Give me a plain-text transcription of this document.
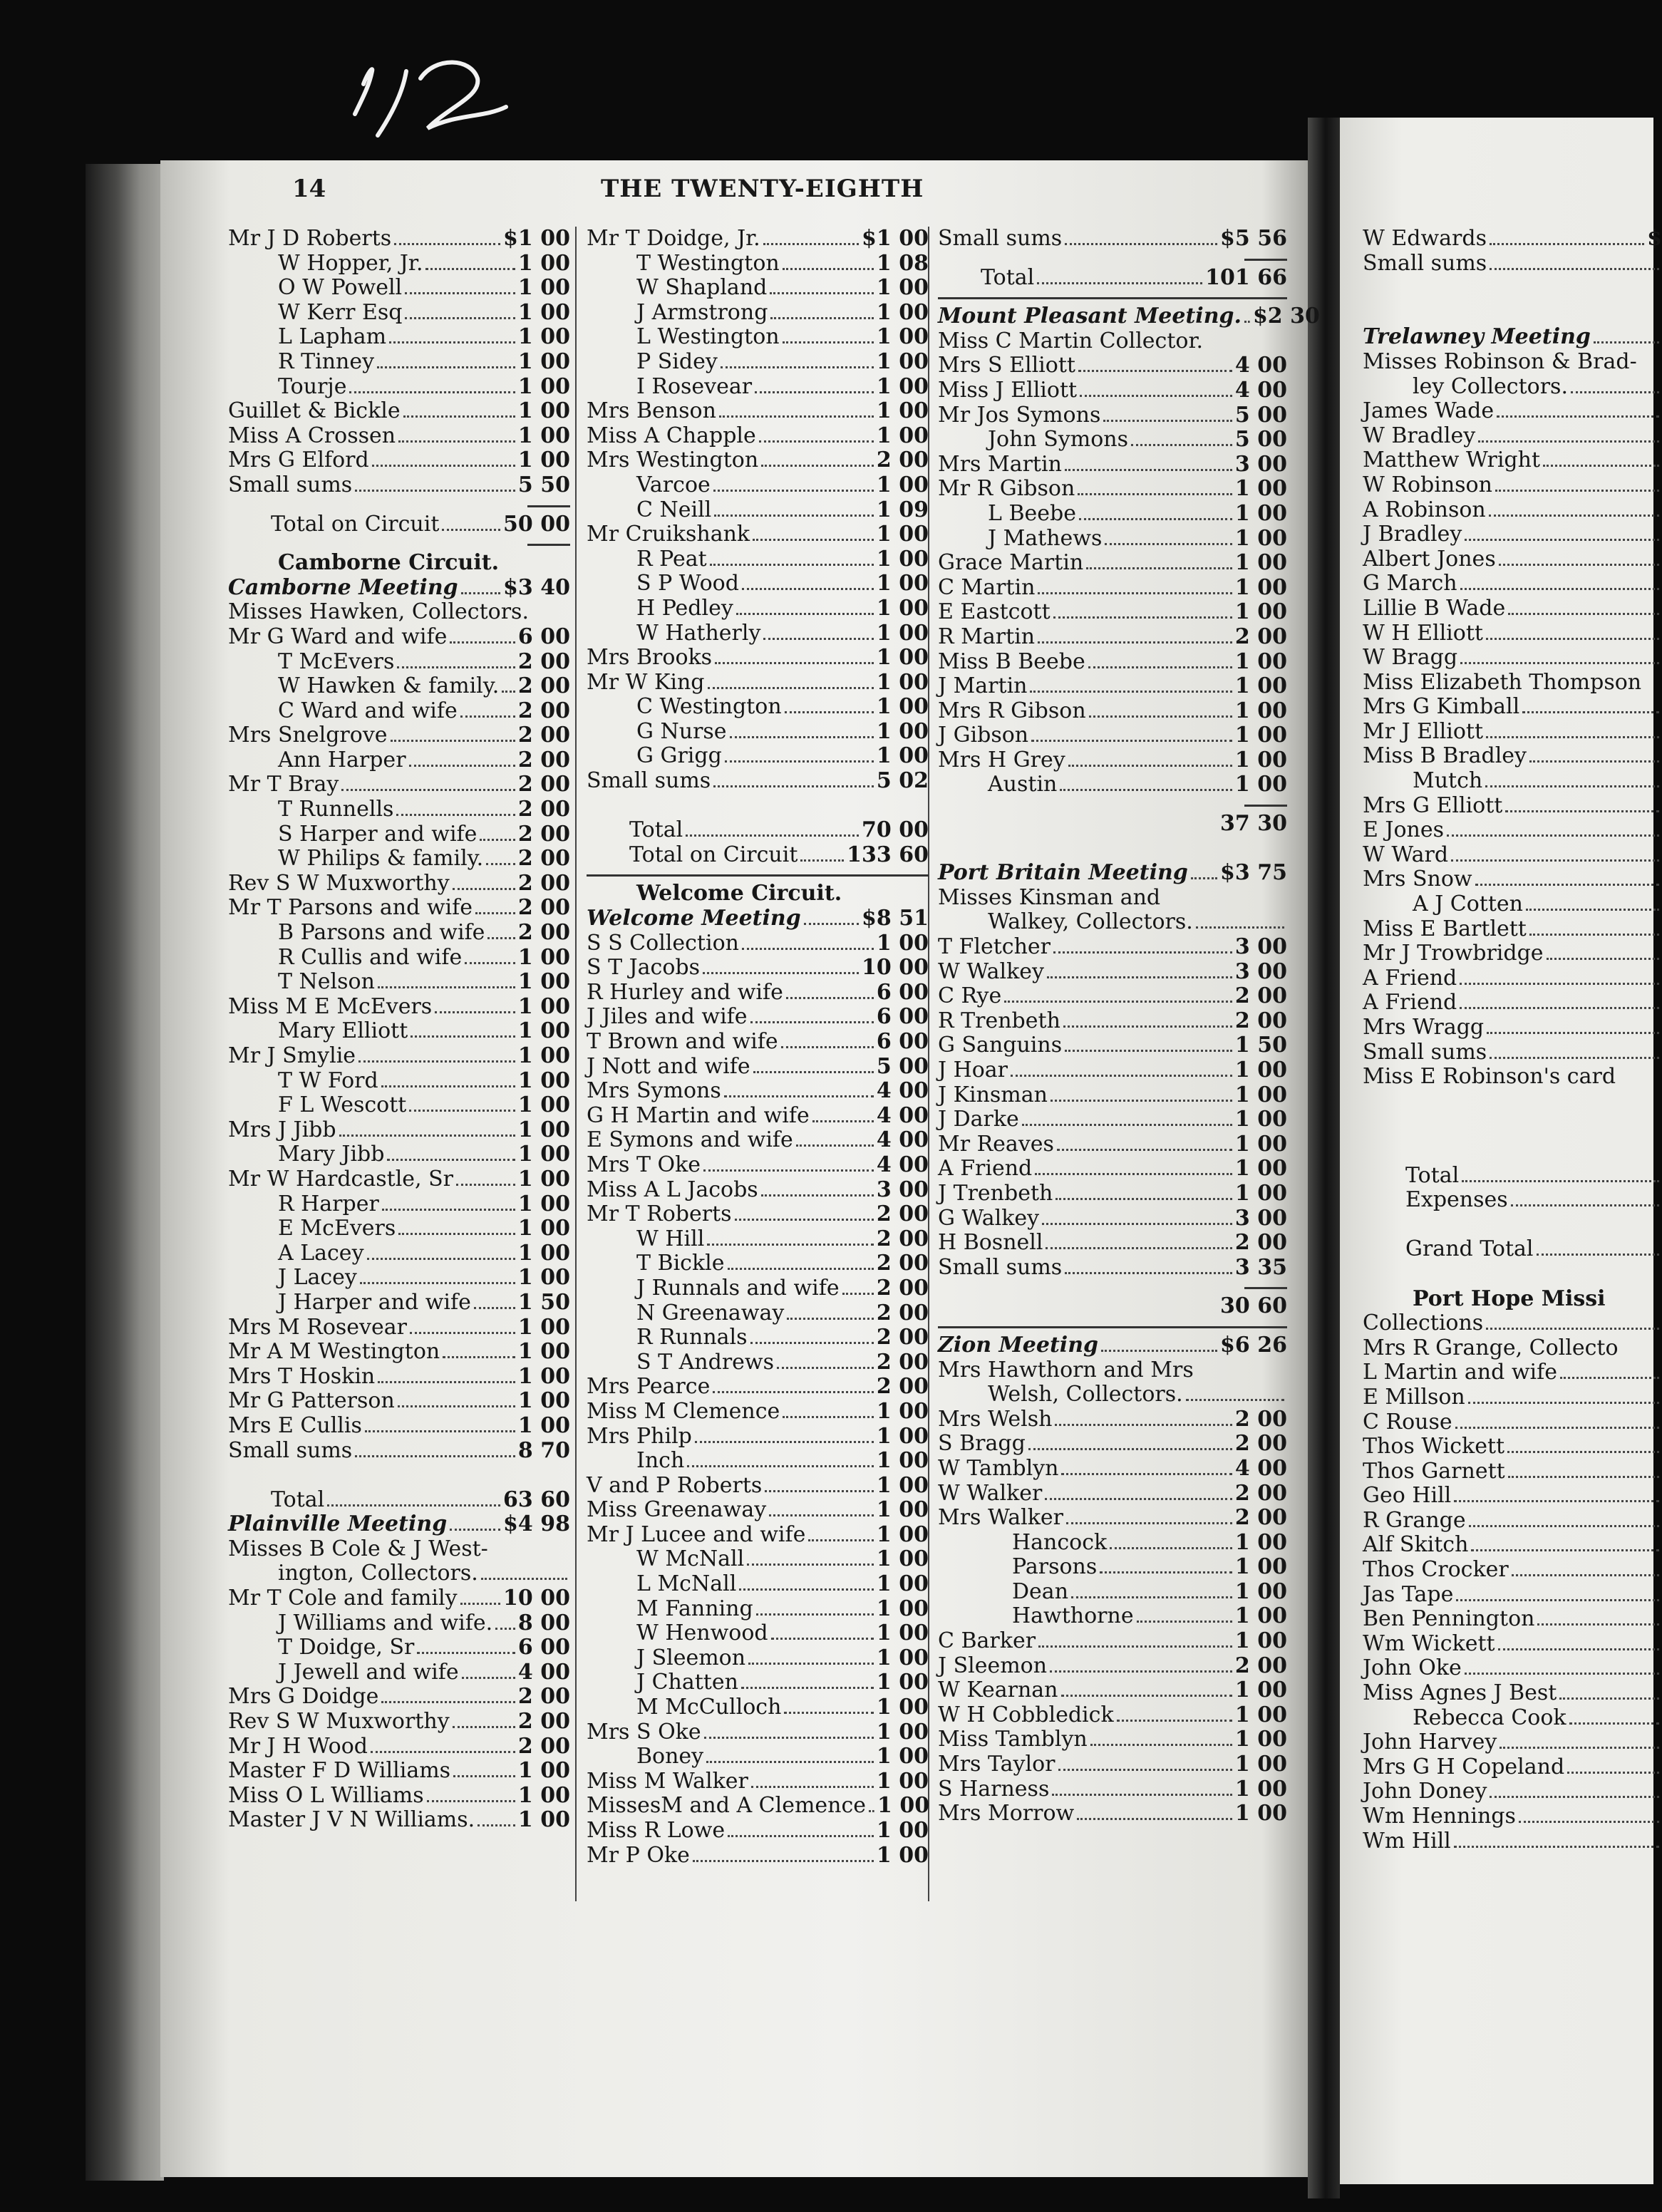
14	THE TWENTY-EIGHTH
Mr J D Roberts	$1 00
W Hopper, Jr.	1 00
O W Powell	1 00
W Kerr Esq	1 00
L Lapham	1 00
R Tinney	1 00
Tourje	1 00
Guillet & Bickle	1 00
Miss A Crossen	1 00
Mrs G Elford	1 00
Small sums	5 50
Total on Circuit	50 00
Camborne Circuit.
Camborne Meeting $3 40
Misses Hawken, Collectors.
Mr G Ward and wife	6 00
T McEvers	2 00
W Hawken & family. 2 00
C Ward and wife	2 00
Mrs Snelgrove	2 00
Ann Harper	2 00
Mr T Bray	2 00
T Runnells	2 00
S Harper and wife 2 00
W Philips & family. 2 00
Rev S W Muxworthy	2 00
Mr T Parsons and wife 2 00
B Parsons and wife 2 00
R Cullis and wife	1 00
T Nelson	1 00
Miss M E McEvers	1 00
Mary Elliott	1 00
Mr J Smylie	1 00
T W Ford	1 00
F L Wescott	1 00
Mrs J Jibb	1 00
Mary Jibb	1 00
Mr W Hardcastle, Sr	1 00
R Harper	1 00
E McEvers	1 00
A Lacey	1 00
J Lacey	1 00
J Harper and wife 1 50
Mrs M Rosevear	1 00
Mr A M Westington	1 00
Mrs T Hoskin	1 00
Mr G Patterson	1 00
Mrs E Cullis	1 00
Small sums	8 70
Total	63 60
Plainville Meeting	$4 98
Misses B Cole & J West-
ington, Collectors.
Mr T Cole and family 10 00
J Williams and wife. 8 00
T Doidge, Sr	6 00
J Jewell and wife	4 00
Mrs G Doidge	2 00
Rev S W Muxworthy	2 00
Mr J H Wood	2 00
Master F D Williams	1 00
Miss O L Williams	1 00
Master J V N Williams. 1 00
Mr T Doidge, Jr.	$1 00
T Westington	1 08
W Shapland	1 00
J Armstrong	1 00
L Westington	1 00
P Sidey	1 00
I Rosevear	1 00
Mrs Benson	1 00
Miss A Chapple	1 00
Mrs Westington	2 00
Varcoe	1 00
C Neill	1 09
Mr Cruikshank	1 00
R Peat	1 00
S P Wood	1 00
H Pedley	1 00
W Hatherly	1 00
Mrs Brooks	1 00
Mr W King	1 00
C Westington	1 00
G Nurse	1 00
G Grigg	1 00
Small sums	5 02
Total	70 00
Total on Circuit 133 60
Welcome Circuit.
Welcome Meeting	$8 51
S S Collection	1 00
S T Jacobs	10 00
R Hurley and wife	6 00
J Jiles and wife	6 00
T Brown and wife	6 00
J Nott and wife	5 00
Mrs Symons	4 00
G H Martin and wife	4 00
E Symons and wife	4 00
Mrs T Oke	4 00
Miss A L Jacobs	3 00
Mr T Roberts	2 00
W Hill	2 00
T Bickle	2 00
J Runnals and wife 2 00
N Greenaway	2 00
R Runnals	2 00
S T Andrews	2 00
Mrs Pearce	2 00
Miss M Clemence	1 00
Mrs Philp	1 00
Inch	1 00
V and P Roberts	1 00
Miss Greenaway	1 00
Mr J Lucee and wife	1 00
W McNall	1 00
L McNall	1 00
M Fanning	1 00
W Henwood	1 00
J Sleemon	1 00
J Chatten	1 00
M McCulloch	1 00
Mrs S Oke	1 00
Boney	1 00
Miss M Walker	1 00
MissesM and A Clemence 1 00
Miss R Lowe	1 00
Mr P Oke	1 00
Small sums	$5 56
Total	101 66
Mount Pleasant Meeting. $2 30
Miss C Martin Collector.
Mrs S Elliott	4 00
Miss J Elliott	4 00
Mr Jos Symons	5 00
John Symons	5 00
Mrs Martin	3 00
Mr R Gibson	1 00
L Beebe	1 00
J Mathews	1 00
Grace Martin	1 00
C Martin	1 00
E Eastcott	1 00
R Martin	2 00
Miss B Beebe	1 00
J Martin	1 00
Mrs R Gibson	1 00
J Gibson	1 00
Mrs H Grey	1 00
Austin	1 00
37 30
Port Britain Meeting $3 75
Misses Kinsman and
Walkey, Collectors.
T Fletcher	3 00
W Walkey	3 00
C Rye	2 00
R Trenbeth	2 00
G Sanguins	1 50
J Hoar	1 00
J Kinsman	1 00
J Darke	1 00
Mr Reaves	1 00
A Friend	1 00
J Trenbeth	1 00
G Walkey	3 00
H Bosnell	2 00
Small sums	3 35
30 60
Zion Meeting	$6 26
Mrs Hawthorn and Mrs
Welsh, Collectors.
Mrs Welsh	2 00
S Bragg	2 00
W Tamblyn	4 00
W Walker	2 00
Mrs Walker	2 00
Hancock	1 00
Parsons	1 00
Dean	1 00
Hawthorne	1 00
C Barker	1 00
J Sleemon	2 00
W Kearnan	1 00
W H Cobbledick	1 00
Miss Tamblyn	1 00
Mrs Taylor	1 00
S Harness	1 00
Mrs Morrow	1 00
W Edwards	$
Small sums
Trelawney Meeting
Misses Robinson & Brad-
ley Collectors.
James Wade
W Bradley
Matthew Wright
W Robinson
A Robinson
J Bradley
Albert Jones
G March
Lillie B Wade
W H Elliott
W Bragg
Miss Elizabeth Thompson
Mrs G Kimball
Mr J Elliott
Miss B Bradley
Mutch
Mrs G Elliott
E Jones
W Ward
Mrs Snow
A J Cotten
Miss E Bartlett
Mr J Trowbridge
A Friend
A Friend
Mrs Wragg
Small sums
Miss E Robinson's card
Total
Expenses
Grand Total
Port Hope Missi
Collections
Mrs R Grange, Collecto
L Martin and wife
E Millson
C Rouse
Thos Wickett
Thos Garnett
Geo Hill
R Grange
Alf Skitch
Thos Crocker
Jas Tape
Ben Pennington
Wm Wickett
John Oke
Miss Agnes J Best
Rebecca Cook
John Harvey
Mrs G H Copeland
John Doney
Wm Hennings
Wm Hill
